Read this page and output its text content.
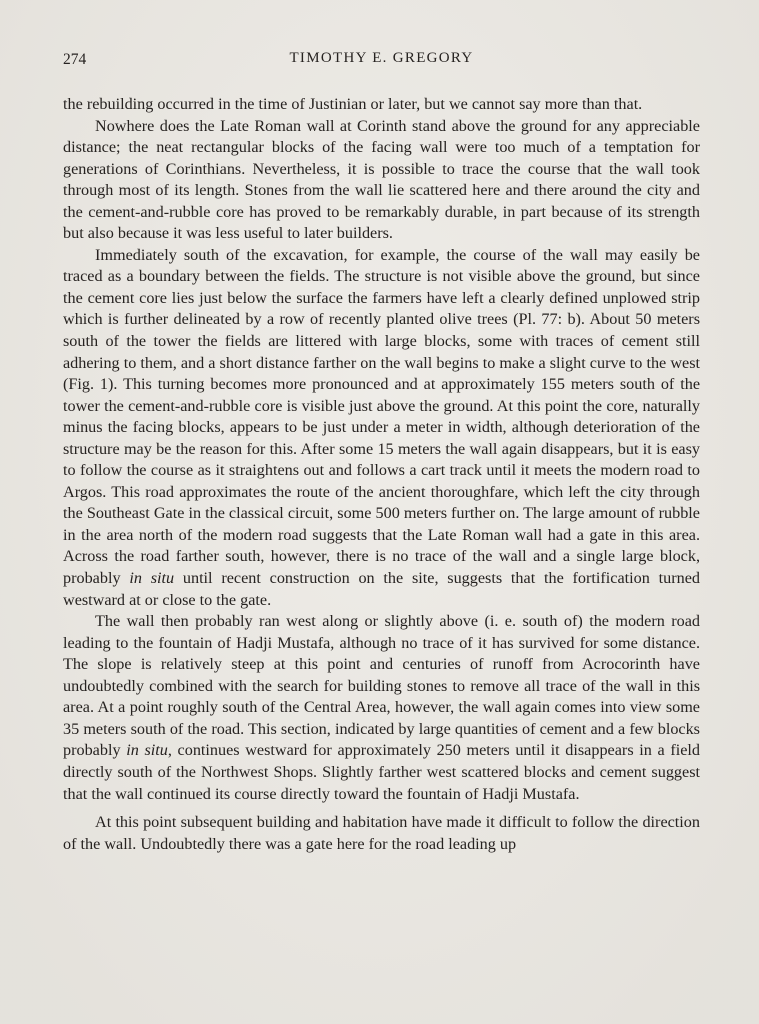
274	TIMOTHY E. GREGORY

the rebuilding occurred in the time of Justinian or later, but we cannot say more than that.

Nowhere does the Late Roman wall at Corinth stand above the ground for any appreciable distance; the neat rectangular blocks of the facing wall were too much of a temptation for generations of Corinthians. Nevertheless, it is possible to trace the course that the wall took through most of its length. Stones from the wall lie scattered here and there around the city and the cement-and-rubble core has proved to be remarkably durable, in part because of its strength but also because it was less useful to later builders.

Immediately south of the excavation, for example, the course of the wall may easily be traced as a boundary between the fields. The structure is not visible above the ground, but since the cement core lies just below the surface the farmers have left a clearly defined unplowed strip which is further delineated by a row of recently planted olive trees (Pl. 77: b). About 50 meters south of the tower the fields are littered with large blocks, some with traces of cement still adhering to them, and a short distance farther on the wall begins to make a slight curve to the west (Fig. 1). This turning becomes more pronounced and at approximately 155 meters south of the tower the cement-and-rubble core is visible just above the ground. At this point the core, naturally minus the facing blocks, appears to be just under a meter in width, although deterioration of the structure may be the reason for this. After some 15 meters the wall again disappears, but it is easy to follow the course as it straightens out and follows a cart track until it meets the modern road to Argos. This road approximates the route of the ancient thoroughfare, which left the city through the Southeast Gate in the classical circuit, some 500 meters further on. The large amount of rubble in the area north of the modern road suggests that the Late Roman wall had a gate in this area. Across the road farther south, however, there is no trace of the wall and a single large block, probably in situ until recent construction on the site, suggests that the fortification turned westward at or close to the gate.

The wall then probably ran west along or slightly above (i. e. south of) the modern road leading to the fountain of Hadji Mustafa, although no trace of it has survived for some distance. The slope is relatively steep at this point and centuries of runoff from Acrocorinth have undoubtedly combined with the search for building stones to remove all trace of the wall in this area. At a point roughly south of the Central Area, however, the wall again comes into view some 35 meters south of the road. This section, indicated by large quantities of cement and a few blocks probably in situ, continues westward for approximately 250 meters until it disappears in a field directly south of the Northwest Shops. Slightly farther west scattered blocks and cement suggest that the wall continued its course directly toward the fountain of Hadji Mustafa.

At this point subsequent building and habitation have made it difficult to follow the direction of the wall. Undoubtedly there was a gate here for the road leading up
